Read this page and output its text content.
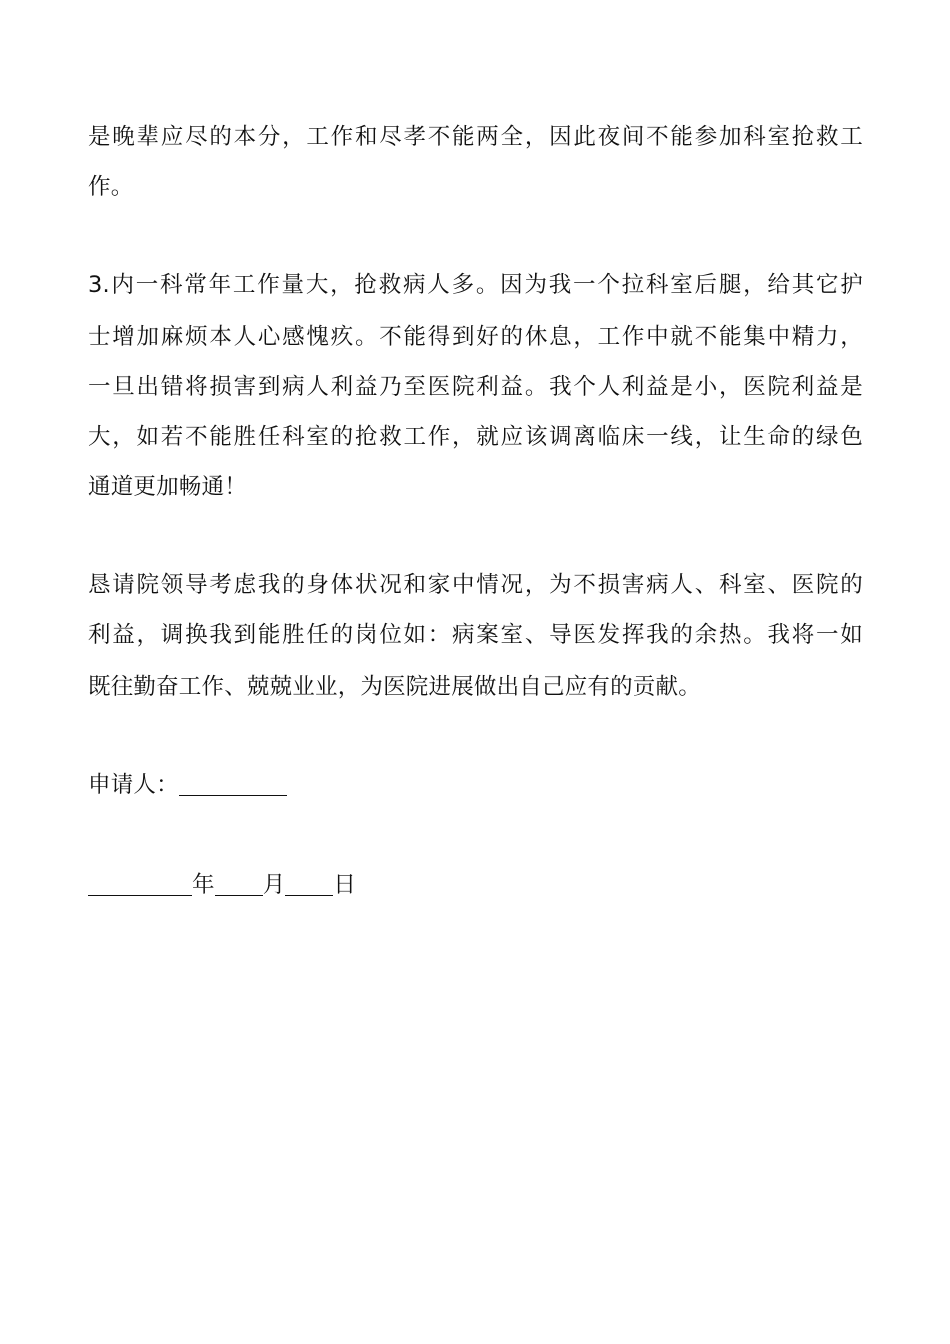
是晚辈应尽的本分，工作和尽孝不能两全，因此夜间不能参加科室抢救工
作。
3.内一科常年工作量大，抢救病人多。因为我一个拉科室后腿，给其它护
士增加麻烦本人心感愧疚。不能得到好的休息，工作中就不能集中精力，
一旦出错将损害到病人利益乃至医院利益。我个人利益是小，医院利益是
大，如若不能胜任科室的抢救工作，就应该调离临床一线，让生命的绿色
通道更加畅通！
恳请院领导考虑我的身体状况和家中情况，为不损害病人、科室、医院的
利益，调换我到能胜任的岗位如：病案室、导医发挥我的余热。我将一如
既往勤奋工作、兢兢业业，为医院进展做出自己应有的贡献。
申请人：
年 月 日
